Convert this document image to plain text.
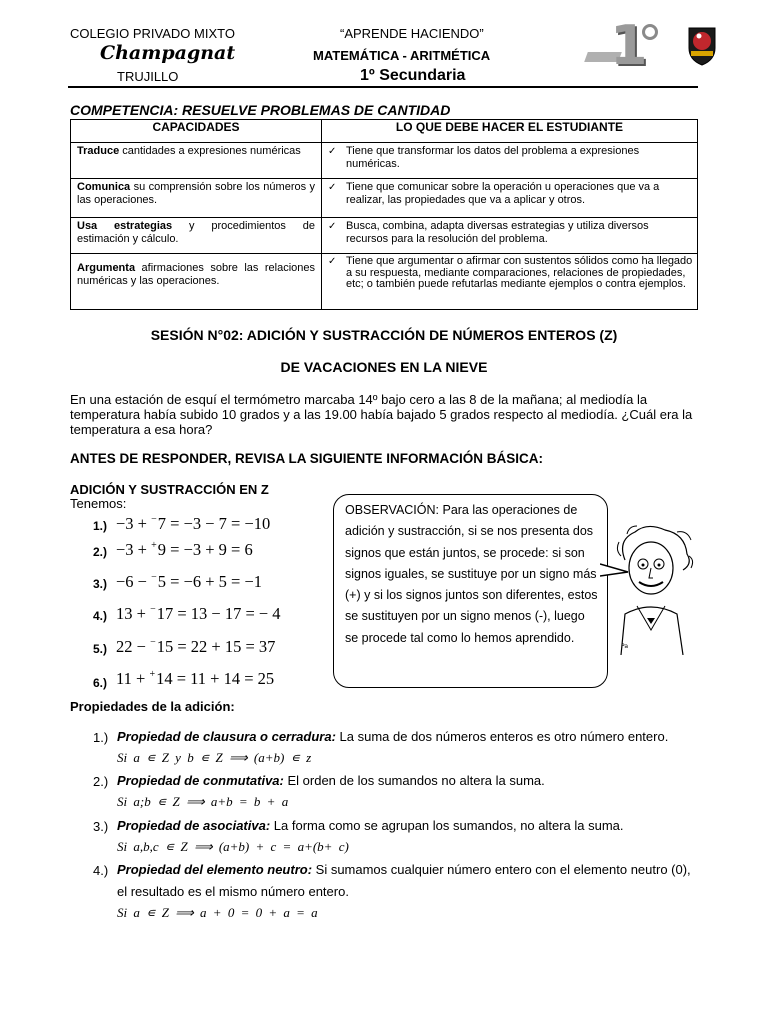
COLEGIO PRIVADO MIXTO
Champagnat
TRUJILLO
“APRENDE HACIENDO”
MATEMÁTICA - ARITMÉTICA
1º Secundaria	1
COMPETENCIA: RESUELVE PROBLEMAS DE CANTIDAD
CAPACIDADES	LO QUE DEBE HACER EL ESTUDIANTE
Traduce cantidades a expresiones numéricas	✓ Tiene que transformar los datos del problema a expresiones numéricas.
Comunica su comprensión sobre los números y las operaciones.	✓ Tiene que comunicar sobre la operación u operaciones que va a realizar, las propiedades que va a aplicar y otros.
Usa estrategias y procedimientos de estimación y cálculo.	✓ Busca, combina, adapta diversas estrategias y utiliza diversos recursos para la resolución del problema.
Argumenta afirmaciones sobre las relaciones numéricas y las operaciones.	✓ Tiene que argumentar o afirmar con sustentos sólidos como ha llegado a su respuesta, mediante comparaciones, relaciones de propiedades, etc; o también puede refutarlas mediante ejemplos o contra ejemplos.
SESIÓN N°02: ADICIÓN Y SUSTRACCIÓN DE NÚMEROS ENTEROS (Z)
DE VACACIONES EN LA NIEVE
En una estación de esquí el termómetro marcaba 14º bajo cero a las 8 de la mañana; al mediodía la temperatura había subido 10 grados y a las 19.00 había bajado 5 grados respecto al mediodía. ¿Cuál era la temperatura a esa hora?
ANTES DE RESPONDER, REVISA LA SIGUIENTE INFORMACIÓN BÁSICA:
ADICIÓN Y SUSTRACCIÓN EN Z
Tenemos:
1.) −3 + −7 = −3 − 7 = −10
2.) −3 + +9 = −3 + 9 = 6
3.) −6 − −5 = −6 + 5 = −1
4.) 13 + −17 = 13 − 17 = − 4
5.) 22 − −15 = 22 + 15 = 37
6.) 11 + +14 = 11 + 14 = 25
OBSERVACIÓN: Para las operaciones de adición y sustracción, si se nos presenta dos signos que están juntos, se procede: si son signos iguales, se sustituye por un signo más (+) y si los signos juntos son diferentes, estos se sustituyen por un signo menos (-), luego se procede tal como lo hemos aprendido.
Pa
Propiedades de la adición:
1.) Propiedad de clausura o cerradura: La suma de dos números enteros es otro número entero.
Si a ∊ Z y b ∊ Z ⟹ (a+b) ∊ z
2.) Propiedad de conmutativa: El orden de los sumandos no altera la suma.
Si a;b ∊ Z ⟹ a+b = b + a
3.) Propiedad de asociativa: La forma como se agrupan los sumandos, no altera la suma.
Si a,b,c ∊ Z ⟹ (a+b) + c = a+(b+ c)
4.) Propiedad del elemento neutro: Si sumamos cualquier número entero con el elemento neutro (0), el resultado es el mismo número entero.
Si a ∊ Z ⟹ a + 0 = 0 + a = a
